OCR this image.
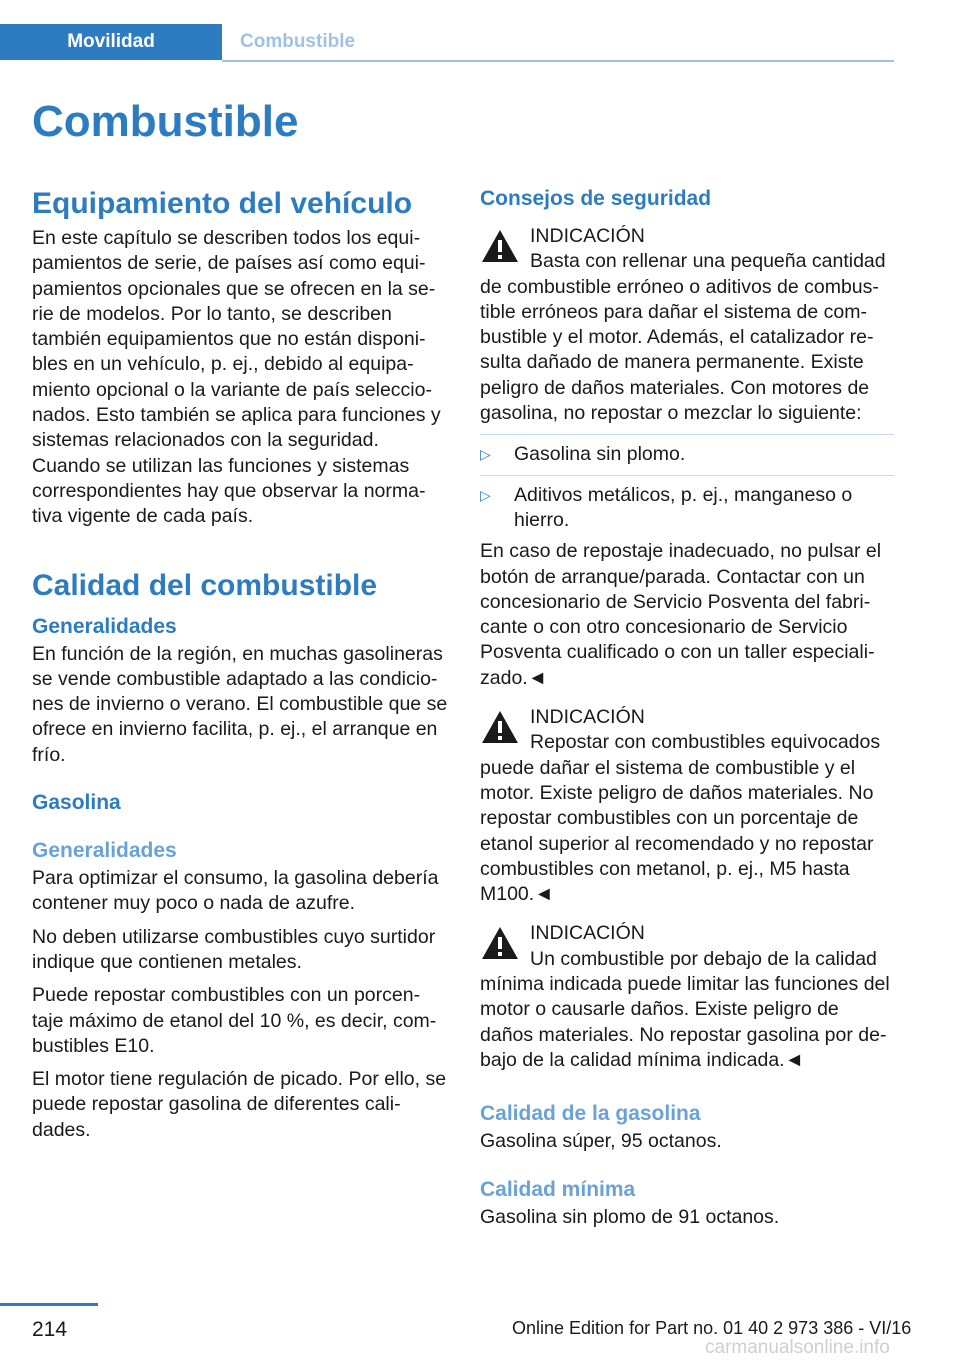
Movilidad	Combustible
Combustible
Equipamiento del vehículo

En este capítulo se describen todos los equi- pamientos de serie, de países así como equi- pamientos opcionales que se ofrecen en la se- rie de modelos. Por lo tanto, se describen también equipamientos que no están disponi- bles en un vehículo, p. ej., debido al equipa- miento opcional o la variante de país seleccio- nados. Esto también se aplica para funciones y sistemas relacionados con la seguridad. Cuando se utilizan las funciones y sistemas correspondientes hay que observar la norma- tiva vigente de cada país.

Calidad del combustible
Generalidades

En función de la región, en muchas gasolineras se vende combustible adaptado a las condicio- nes de invierno o verano. El combustible que se ofrece en invierno facilita, p. ej., el arranque en frío.

Gasolina
Generalidades

Para optimizar el consumo, la gasolina debería contener muy poco o nada de azufre.

No deben utilizarse combustibles cuyo surtidor indique que contienen metales.

Puede repostar combustibles con un porcen- taje máximo de etanol del 10 %, es decir, com- bustibles E10.

El motor tiene regulación de picado. Por ello, se puede repostar gasolina de diferentes cali- dades.

Consejos de seguridad

INDICACIÓN

Basta con rellenar una pequeña cantidad

de combustible erróneo o aditivos de combus- tible erróneos para dañar el sistema de com- bustible y el motor. Además, el catalizador re- sulta dañado de manera permanente. Existe peligro de daños materiales. Con motores de gasolina, no repostar o mezclar lo siguiente:

▷ Gasolina sin plomo.

▷ Aditivos metálicos, p. ej., manganeso o hierro.

En caso de repostaje inadecuado, no pulsar el botón de arranque/parada. Contactar con un concesionario de Servicio Posventa del fabri- cante o con otro concesionario de Servicio Posventa cualificado o con un taller especiali- zado.◄

INDICACIÓN

Repostar con combustibles equivocados

puede dañar el sistema de combustible y el motor. Existe peligro de daños materiales. No repostar combustibles con un porcentaje de etanol superior al recomendado y no repostar combustibles con metanol, p. ej., M5 hasta M100.◄

INDICACIÓN

Un combustible por debajo de la calidad

mínima indicada puede limitar las funciones del motor o causarle daños. Existe peligro de daños materiales. No repostar gasolina por de- bajo de la calidad mínima indicada.◄

Calidad de la gasolina

Gasolina súper, 95 octanos.

Calidad mínima

Gasolina sin plomo de 91 octanos.

214	Online Edition for Part no. 01 40 2 973 386 - VI/16
carmanualsonline.info
